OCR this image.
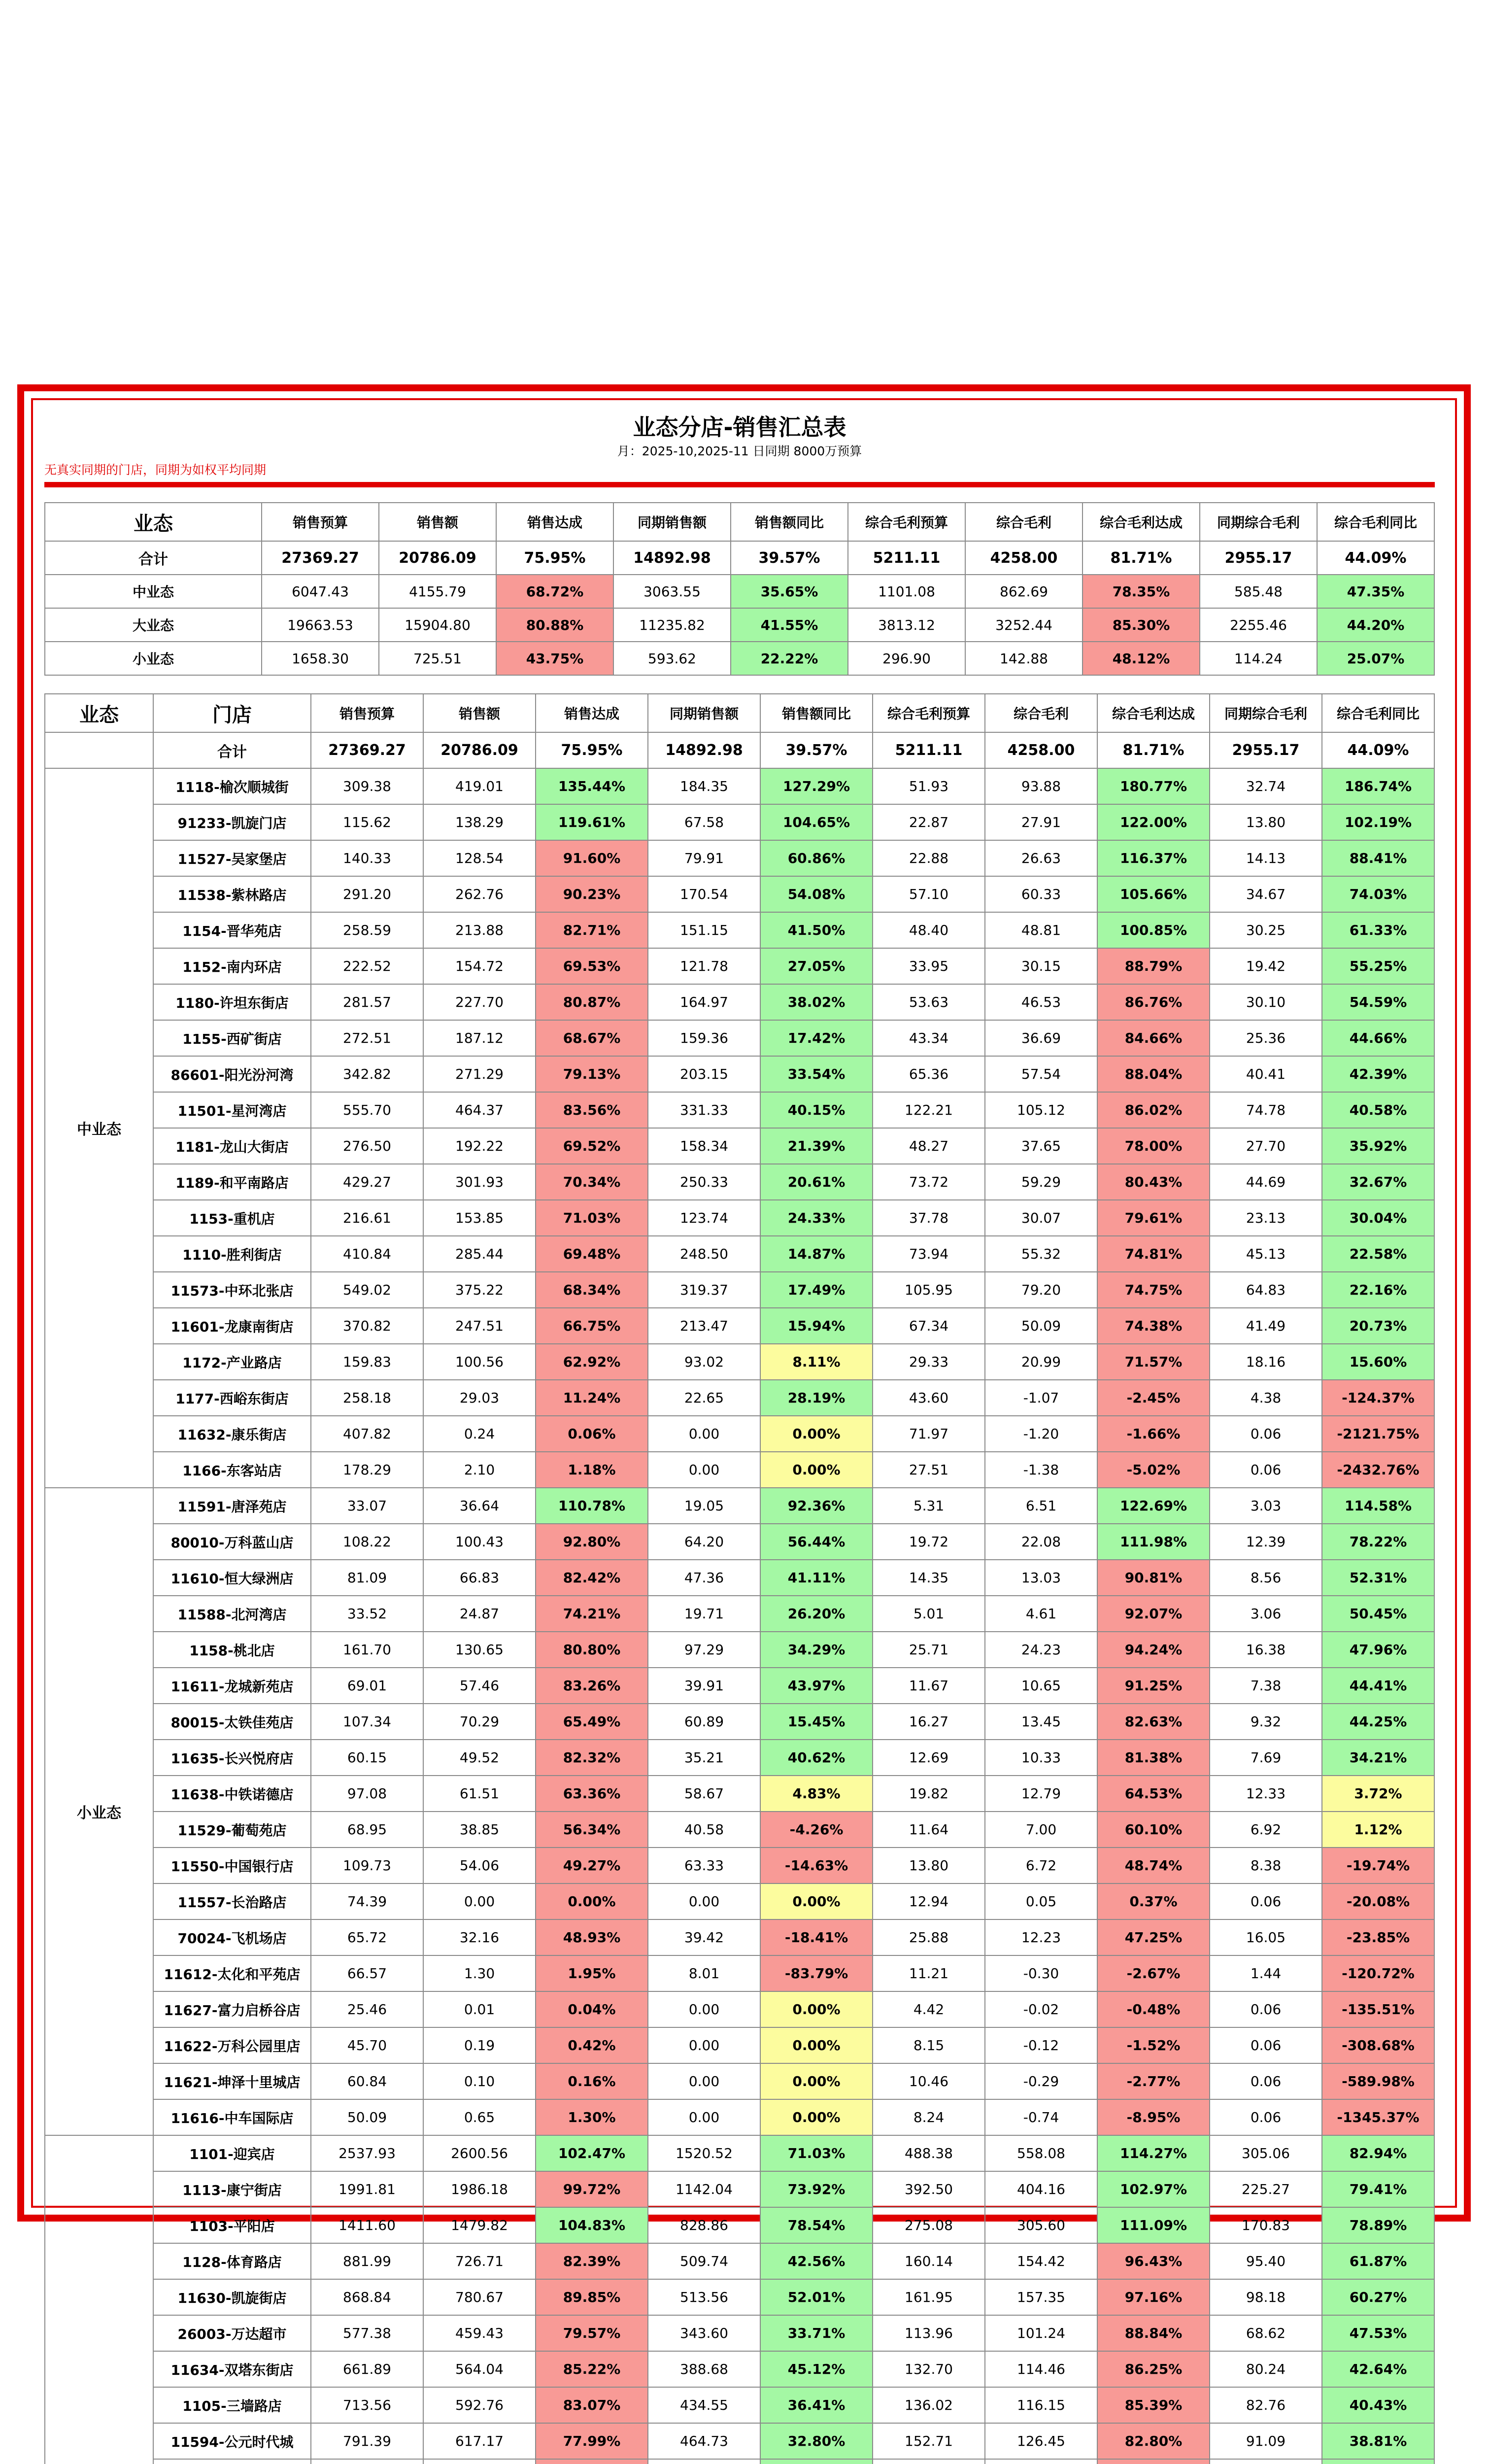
业态分店-销售汇总表
月：2025-10,2025-11 日同期 8000万预算
无真实同期的门店，同期为如权平均同期
业态	销售预算	销售额	销售达成	同期销售额	销售额同比	综合毛利预算	综合毛利	综合毛利达成	同期综合毛利	综合毛利同比
合计	27369.27	20786.09	75.95%	14892.98	39.57%	5211.11	4258.00	81.71%	2955.17	44.09%
中业态	6047.43	4155.79	68.72%	3063.55	35.65%	1101.08	862.69	78.35%	585.48	47.35%
大业态	19663.53	15904.80	80.88%	11235.82	41.55%	3813.12	3252.44	85.30%	2255.46	44.20%
小业态	1658.30	725.51	43.75%	593.62	22.22%	296.90	142.88	48.12%	114.24	25.07%
业态	门店	销售预算	销售额	销售达成	同期销售额	销售额同比	综合毛利预算	综合毛利	综合毛利达成	同期综合毛利	综合毛利同比
	合计	27369.27	20786.09	75.95%	14892.98	39.57%	5211.11	4258.00	81.71%	2955.17	44.09%
中业态	1118-榆次顺城街	309.38	419.01	135.44%	184.35	127.29%	51.93	93.88	180.77%	32.74	186.74%
	91233-凯旋门店	115.62	138.29	119.61%	67.58	104.65%	22.87	27.91	122.00%	13.80	102.19%
	11527-吴家堡店	140.33	128.54	91.60%	79.91	60.86%	22.88	26.63	116.37%	14.13	88.41%
	11538-紫林路店	291.20	262.76	90.23%	170.54	54.08%	57.10	60.33	105.66%	34.67	74.03%
	1154-晋华苑店	258.59	213.88	82.71%	151.15	41.50%	48.40	48.81	100.85%	30.25	61.33%
	1152-南内环店	222.52	154.72	69.53%	121.78	27.05%	33.95	30.15	88.79%	19.42	55.25%
	1180-许坦东街店	281.57	227.70	80.87%	164.97	38.02%	53.63	46.53	86.76%	30.10	54.59%
	1155-西矿街店	272.51	187.12	68.67%	159.36	17.42%	43.34	36.69	84.66%	25.36	44.66%
	86601-阳光汾河湾	342.82	271.29	79.13%	203.15	33.54%	65.36	57.54	88.04%	40.41	42.39%
	11501-星河湾店	555.70	464.37	83.56%	331.33	40.15%	122.21	105.12	86.02%	74.78	40.58%
	1181-龙山大街店	276.50	192.22	69.52%	158.34	21.39%	48.27	37.65	78.00%	27.70	35.92%
	1189-和平南路店	429.27	301.93	70.34%	250.33	20.61%	73.72	59.29	80.43%	44.69	32.67%
	1153-重机店	216.61	153.85	71.03%	123.74	24.33%	37.78	30.07	79.61%	23.13	30.04%
	1110-胜利街店	410.84	285.44	69.48%	248.50	14.87%	73.94	55.32	74.81%	45.13	22.58%
	11573-中环北张店	549.02	375.22	68.34%	319.37	17.49%	105.95	79.20	74.75%	64.83	22.16%
	11601-龙康南街店	370.82	247.51	66.75%	213.47	15.94%	67.34	50.09	74.38%	41.49	20.73%
	1172-产业路店	159.83	100.56	62.92%	93.02	8.11%	29.33	20.99	71.57%	18.16	15.60%
	1177-西峪东街店	258.18	29.03	11.24%	22.65	28.19%	43.60	-1.07	-2.45%	4.38	-124.37%
	11632-康乐街店	407.82	0.24	0.06%	0.00	0.00%	71.97	-1.20	-1.66%	0.06	-2121.75%
	1166-东客站店	178.29	2.10	1.18%	0.00	0.00%	27.51	-1.38	-5.02%	0.06	-2432.76%
小业态	11591-唐泽苑店	33.07	36.64	110.78%	19.05	92.36%	5.31	6.51	122.69%	3.03	114.58%
	80010-万科蓝山店	108.22	100.43	92.80%	64.20	56.44%	19.72	22.08	111.98%	12.39	78.22%
	11610-恒大绿洲店	81.09	66.83	82.42%	47.36	41.11%	14.35	13.03	90.81%	8.56	52.31%
	11588-北河湾店	33.52	24.87	74.21%	19.71	26.20%	5.01	4.61	92.07%	3.06	50.45%
	1158-桃北店	161.70	130.65	80.80%	97.29	34.29%	25.71	24.23	94.24%	16.38	47.96%
	11611-龙城新苑店	69.01	57.46	83.26%	39.91	43.97%	11.67	10.65	91.25%	7.38	44.41%
	80015-太铁佳苑店	107.34	70.29	65.49%	60.89	15.45%	16.27	13.45	82.63%	9.32	44.25%
	11635-长兴悦府店	60.15	49.52	82.32%	35.21	40.62%	12.69	10.33	81.38%	7.69	34.21%
	11638-中铁诺德店	97.08	61.51	63.36%	58.67	4.83%	19.82	12.79	64.53%	12.33	3.72%
	11529-葡萄苑店	68.95	38.85	56.34%	40.58	-4.26%	11.64	7.00	60.10%	6.92	1.12%
	11550-中国银行店	109.73	54.06	49.27%	63.33	-14.63%	13.80	6.72	48.74%	8.38	-19.74%
	11557-长治路店	74.39	0.00	0.00%	0.00	0.00%	12.94	0.05	0.37%	0.06	-20.08%
	70024-飞机场店	65.72	32.16	48.93%	39.42	-18.41%	25.88	12.23	47.25%	16.05	-23.85%
	11612-太化和平苑店	66.57	1.30	1.95%	8.01	-83.79%	11.21	-0.30	-2.67%	1.44	-120.72%
	11627-富力启桥谷店	25.46	0.01	0.04%	0.00	0.00%	4.42	-0.02	-0.48%	0.06	-135.51%
	11622-万科公园里店	45.70	0.19	0.42%	0.00	0.00%	8.15	-0.12	-1.52%	0.06	-308.68%
	11621-坤泽十里城店	60.84	0.10	0.16%	0.00	0.00%	10.46	-0.29	-2.77%	0.06	-589.98%
	11616-中车国际店	50.09	0.65	1.30%	0.00	0.00%	8.24	-0.74	-8.95%	0.06	-1345.37%
	1101-迎宾店	2537.93	2600.56	102.47%	1520.52	71.03%	488.38	558.08	114.27%	305.06	82.94%
	1113-康宁街店	1991.81	1986.18	99.72%	1142.04	73.92%	392.50	404.16	102.97%	225.27	79.41%
	1103-平阳店	1411.60	1479.82	104.83%	828.86	78.54%	275.08	305.60	111.09%	170.83	78.89%
	1128-体育路店	881.99	726.71	82.39%	509.74	42.56%	160.14	154.42	96.43%	95.40	61.87%
	11630-凯旋街店	868.84	780.67	89.85%	513.56	52.01%	161.95	157.35	97.16%	98.18	60.27%
	26003-万达超市	577.38	459.43	79.57%	343.60	33.71%	113.96	101.24	88.84%	68.62	47.53%
	11634-双塔东街店	661.89	564.04	85.22%	388.68	45.12%	132.70	114.46	86.25%	80.24	42.64%
	1105-三墙路店	713.56	592.76	83.07%	434.55	36.41%	136.02	116.15	85.39%	82.76	40.43%
	11594-公元时代城	791.39	617.17	77.99%	464.73	32.80%	152.71	126.45	82.80%	91.09	38.81%
